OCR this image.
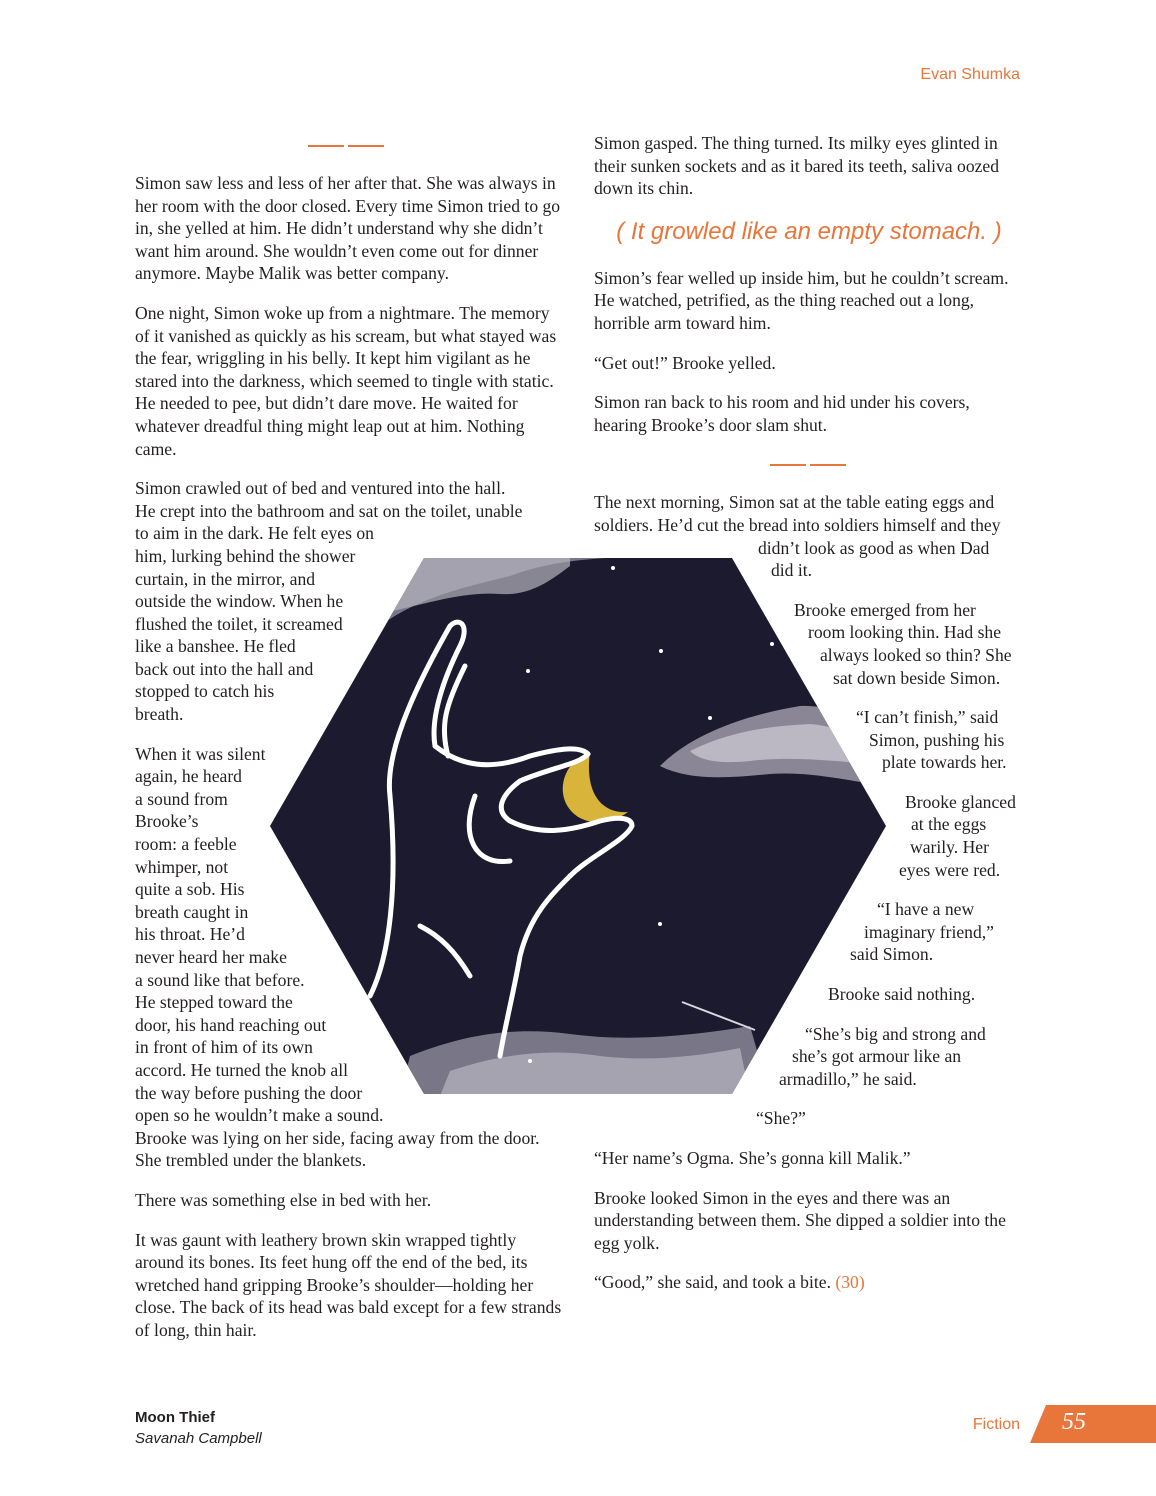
Evan Shumka

Simon saw less and less of her after that. She was always in her room with the door closed. Every time Simon tried to go in, she yelled at him. He didn’t understand why she didn’t want him around. She wouldn’t even come out for dinner anymore. Maybe Malik was better company.

One night, Simon woke up from a nightmare. The memory of it vanished as quickly as his scream, but what stayed was the fear, wriggling in his belly. It kept him vigilant as he stared into the darkness, which seemed to tingle with static. He needed to pee, but didn’t dare move. He waited for whatever dreadful thing might leap out at him. Nothing came.

Simon crawled out of bed and ventured into the hall.
He crept into the bathroom and sat on the toilet, unable
to aim in the dark. He felt eyes on
him, lurking behind the shower
curtain, in the mirror, and
outside the window. When he
flushed the toilet, it screamed
like a banshee. He fled
back out into the hall and
stopped to catch his
breath.

When it was silent
again, he heard
a sound from
Brooke’s
room: a feeble
whimper, not
quite a sob. His
breath caught in
his throat. He’d
never heard her make
a sound like that before.
He stepped toward the
door, his hand reaching out
in front of him of its own
accord. He turned the knob all
the way before pushing the door
open so he wouldn’t make a sound.
Brooke was lying on her side, facing away from the door.
She trembled under the blankets.

There was something else in bed with her.

It was gaunt with leathery brown skin wrapped tightly around its bones. Its feet hung off the end of the bed, its wretched hand gripping Brooke’s shoulder—holding her close. The back of its head was bald except for a few strands of long, thin hair.

Simon gasped. The thing turned. Its milky eyes glinted in their sunken sockets and as it bared its teeth, saliva oozed down its chin.

( It growled like an empty stomach. )

Simon’s fear welled up inside him, but he couldn’t scream. He watched, petrified, as the thing reached out a long, horrible arm toward him.

“Get out!” Brooke yelled.

Simon ran back to his room and hid under his covers, hearing Brooke’s door slam shut.

The next morning, Simon sat at the table eating eggs and
soldiers. He’d cut the bread into soldiers himself and they
didn’t look as good as when Dad
did it.

Brooke emerged from her
room looking thin. Had she
always looked so thin? She
sat down beside Simon.

“I can’t finish,” said
Simon, pushing his
plate towards her.

Brooke glanced
at the eggs
warily. Her
eyes were red.

“I have a new
imaginary friend,”
said Simon.

Brooke said nothing.

“She’s big and strong and
she’s got armour like an
armadillo,” he said.

“She?”

“Her name’s Ogma. She’s gonna kill Malik.”

Brooke looked Simon in the eyes and there was an understanding between them. She dipped a soldier into the egg yolk.

“Good,” she said, and took a bite. (30)

Moon Thief
Savanah Campbell
Fiction 55
